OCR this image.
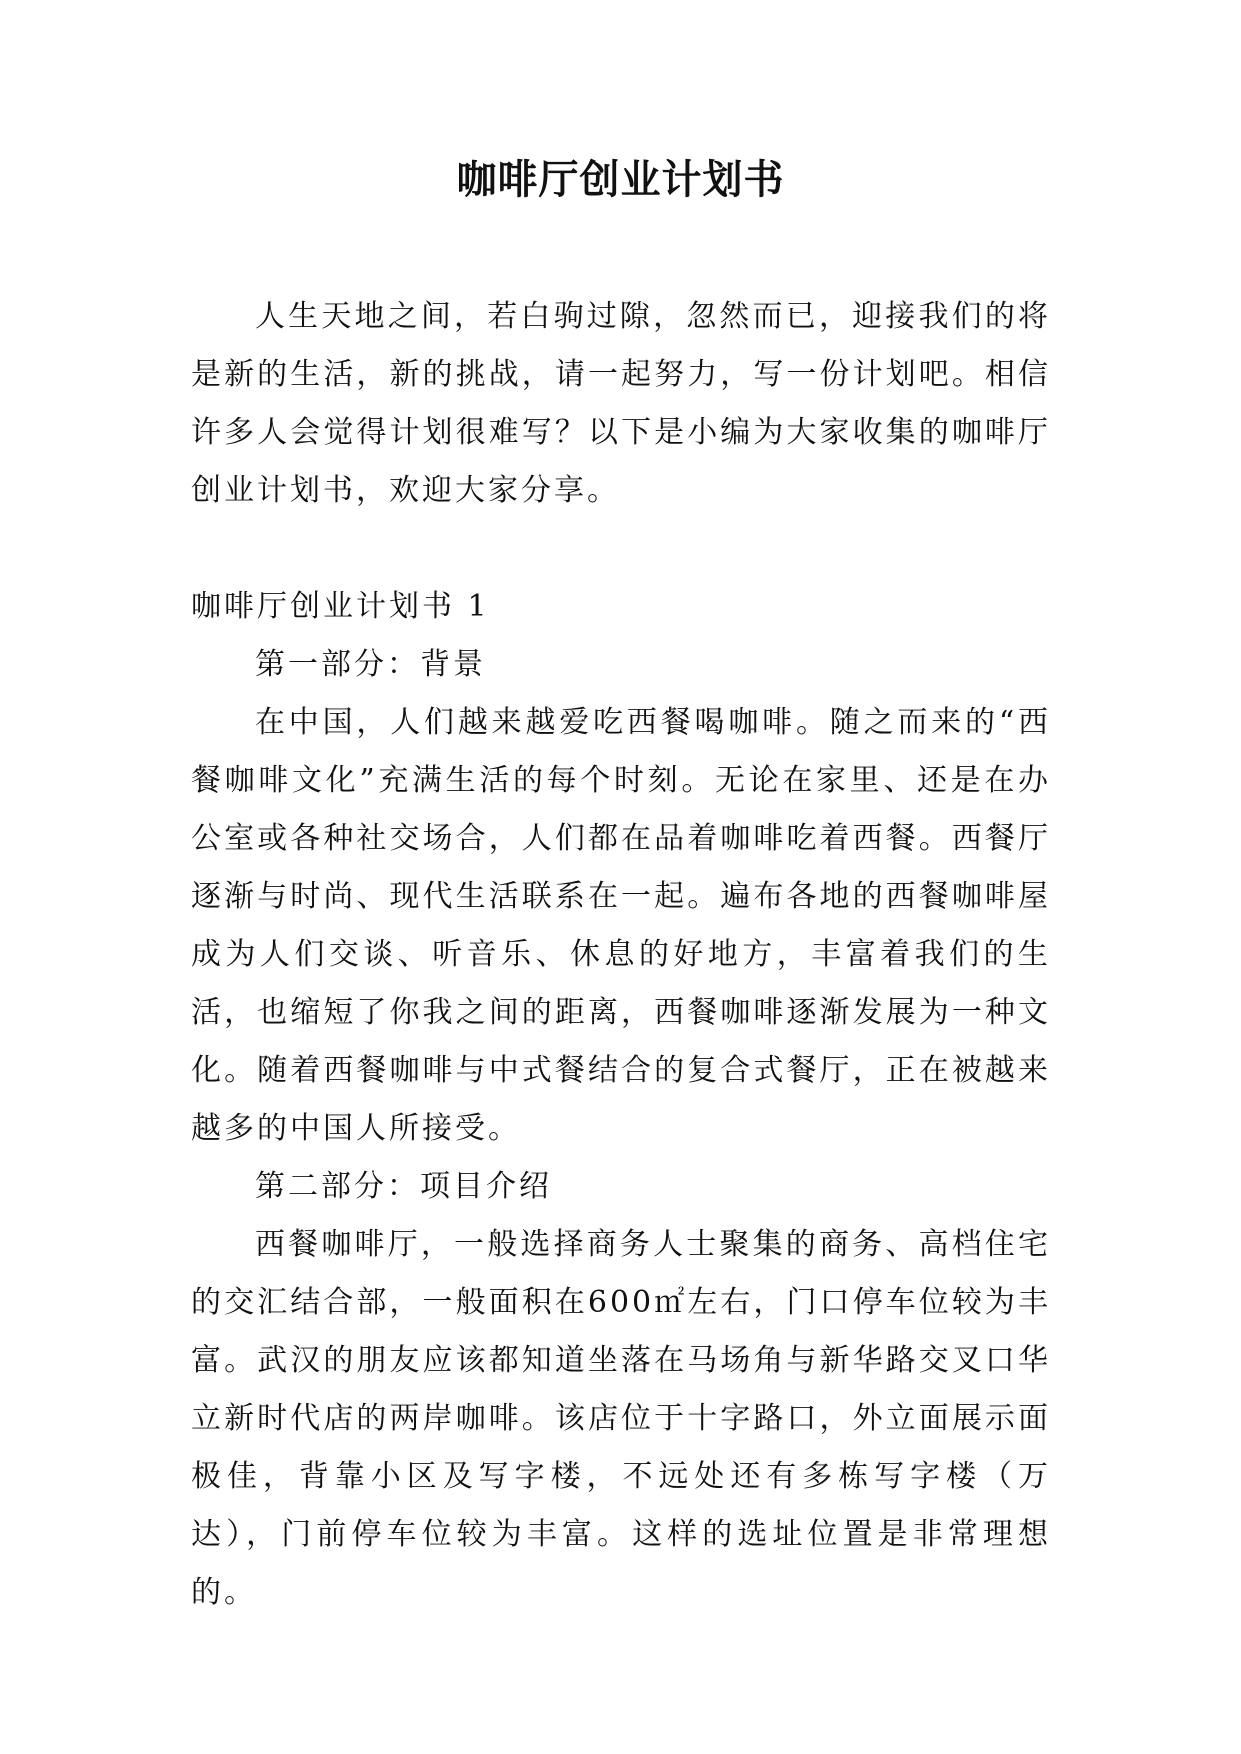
咖啡厅创业计划书

人生天地之间，若白驹过隙，忽然而已，迎接我们的将是新的生活，新的挑战，请一起努力，写一份计划吧。相信许多人会觉得计划很难写？以下是小编为大家收集的咖啡厅创业计划书，欢迎大家分享。

咖啡厅创业计划书 1

第一部分：背景

在中国，人们越来越爱吃西餐喝咖啡。随之而来的“西餐咖啡文化”充满生活的每个时刻。无论在家里、还是在办公室或各种社交场合，人们都在品着咖啡吃着西餐。西餐厅逐渐与时尚、现代生活联系在一起。遍布各地的西餐咖啡屋成为人们交谈、听音乐、休息的好地方，丰富着我们的生活，也缩短了你我之间的距离，西餐咖啡逐渐发展为一种文化。随着西餐咖啡与中式餐结合的复合式餐厅，正在被越来越多的中国人所接受。

第二部分：项目介绍

西餐咖啡厅，一般选择商务人士聚集的商务、高档住宅的交汇结合部，一般面积在600㎡左右，门口停车位较为丰富。武汉的朋友应该都知道坐落在马场角与新华路交叉口华立新时代店的两岸咖啡。该店位于十字路口，外立面展示面极佳，背靠小区及写字楼，不远处还有多栋写字楼（万达），门前停车位较为丰富。这样的选址位置是非常理想的。
